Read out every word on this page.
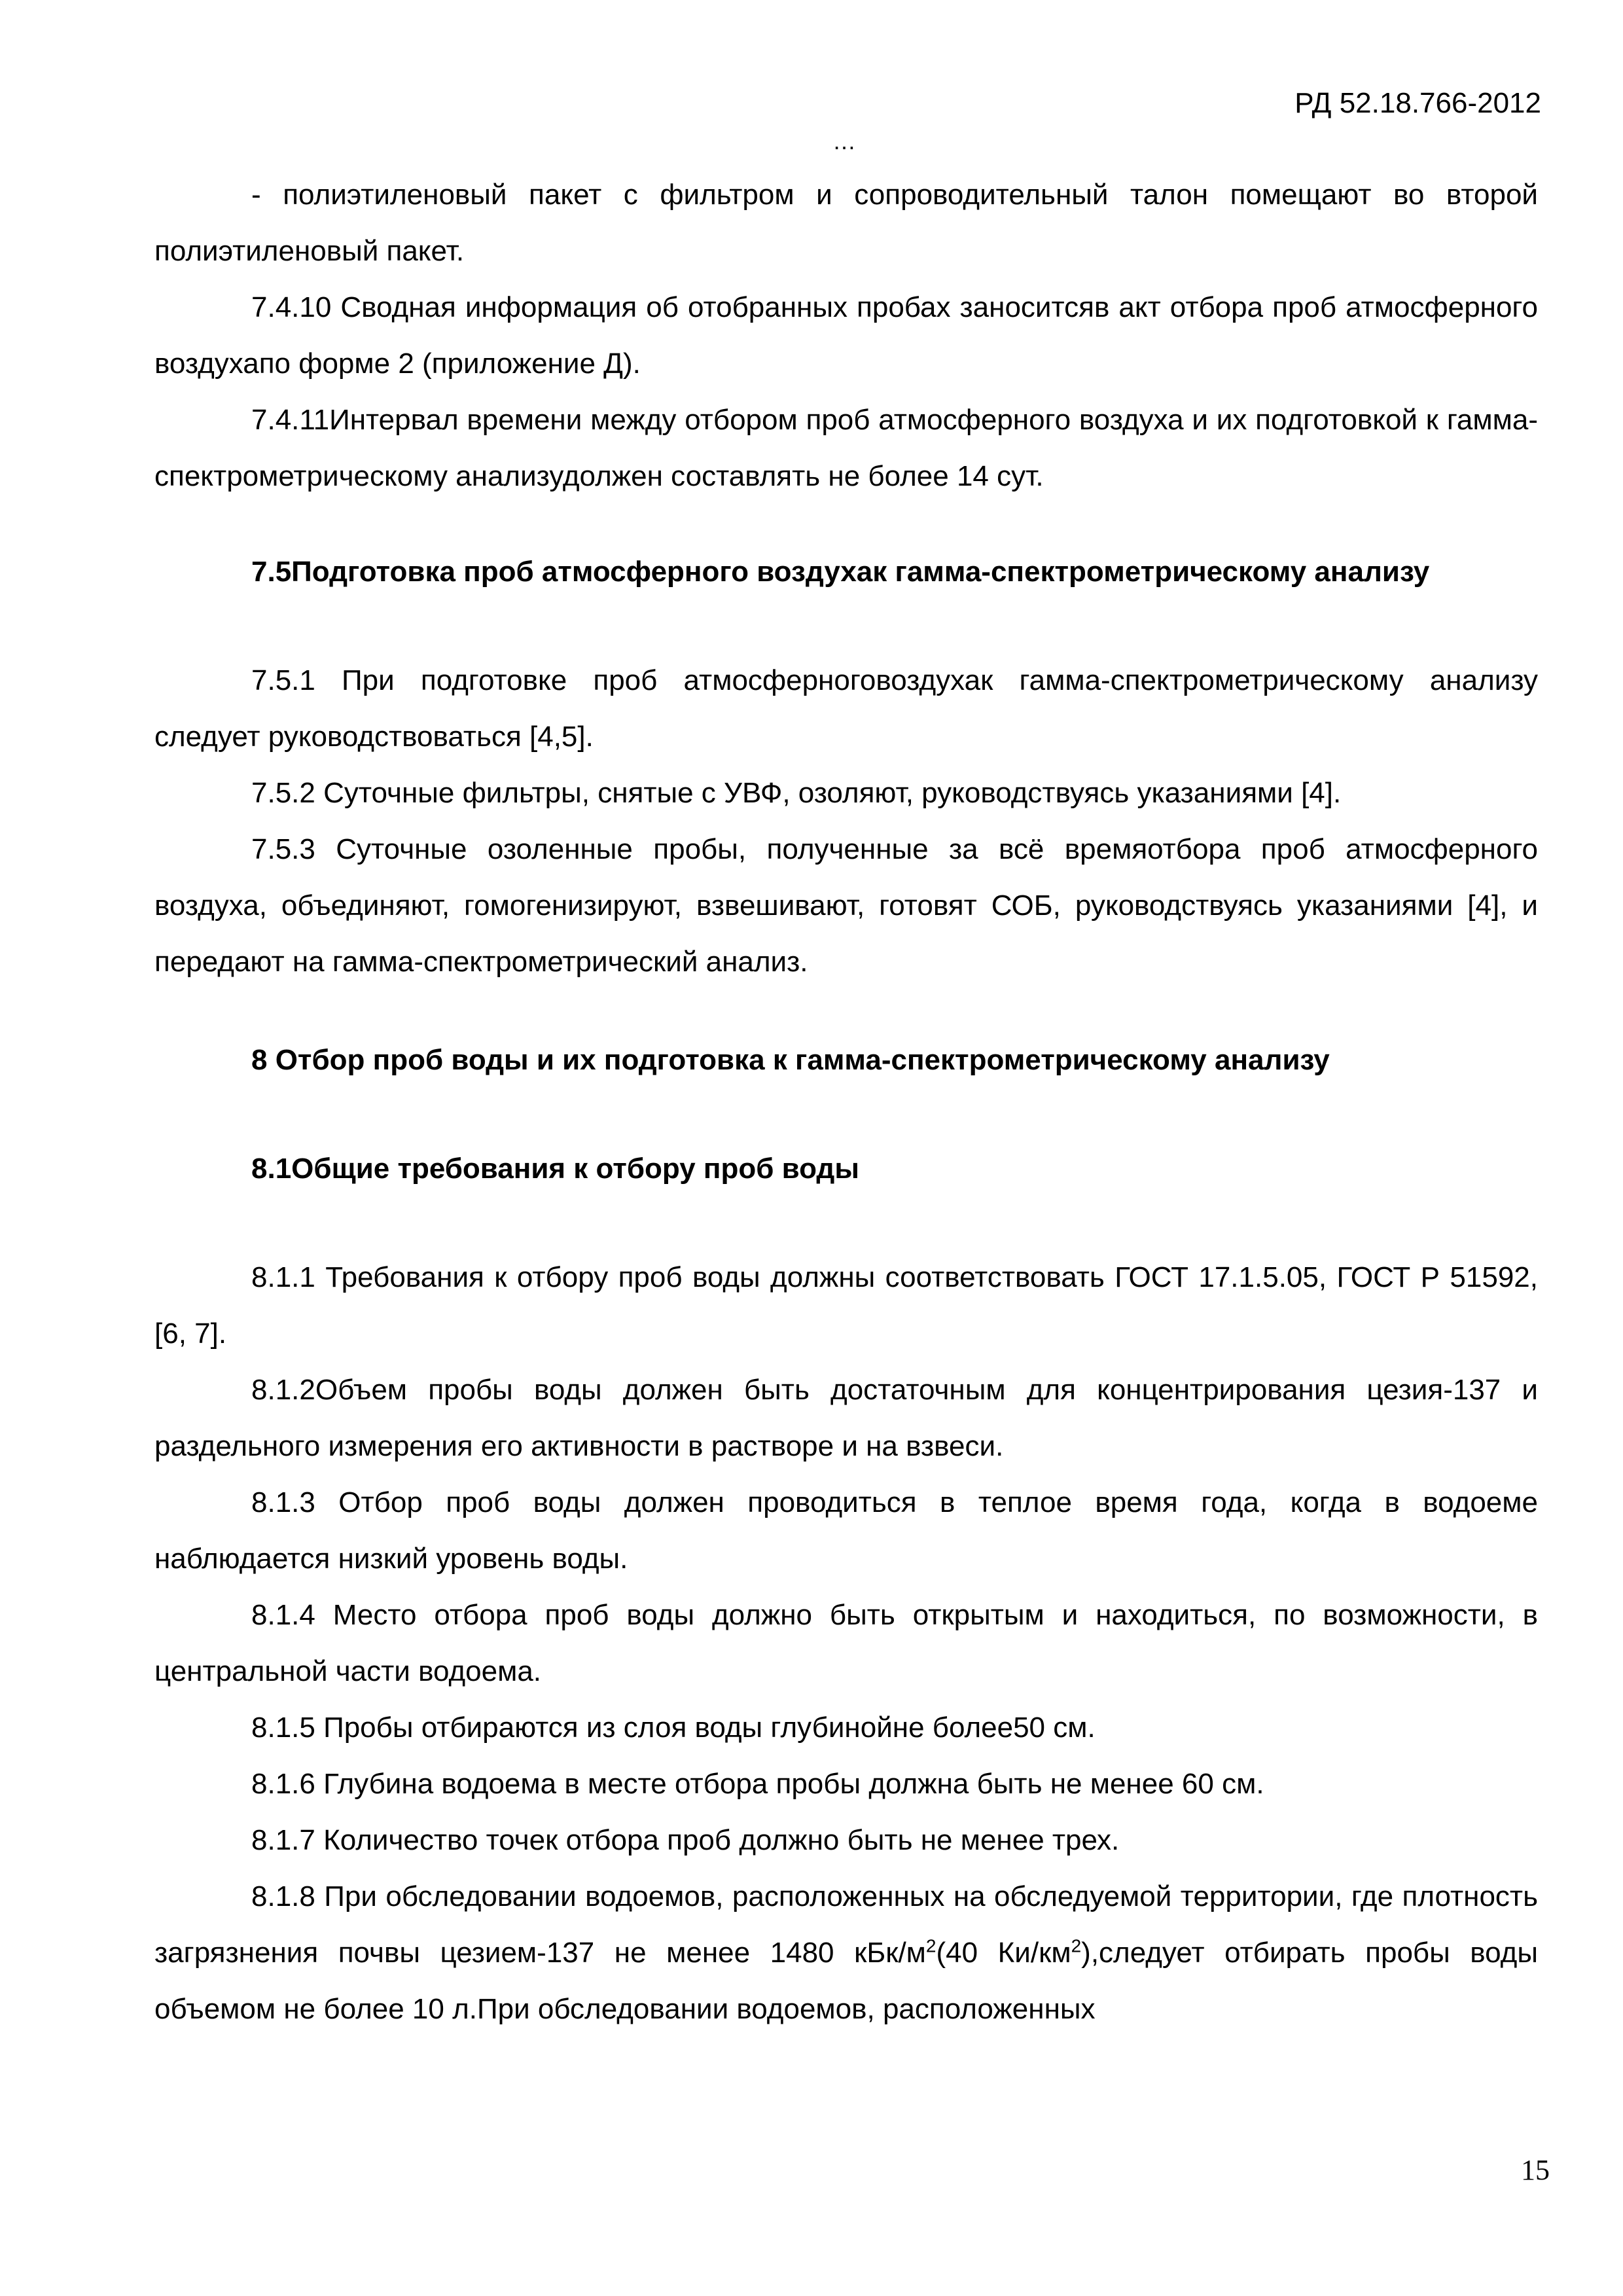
РД 52.18.766-2012
…

- полиэтиленовый пакет с фильтром и сопроводительный талон помещают во второй полиэтиленовый пакет.

7.4.10 Сводная информация об отобранных пробах заноситсяв акт отбора проб атмосферного воздухапо форме 2 (приложение Д).

7.4.11Интервал времени между отбором проб атмосферного воздуха и их подготовкой к гамма-спектрометрическому анализудолжен составлять не более 14 сут.

7.5Подготовка проб атмосферного воздухак гамма-спектрометрическому анализу

7.5.1 При подготовке проб атмосферноговоздухак гамма-спектрометрическому анализу следует руководствоваться [4,5].

7.5.2 Суточные фильтры, снятые с УВФ, озоляют, руководствуясь указаниями [4].

7.5.3 Суточные озоленные пробы, полученные за всё времяотбора проб атмосферного воздуха, объединяют, гомогенизируют, взвешивают, готовят СОБ, руководствуясь указаниями [4], и передают на гамма-спектрометрический анализ.

8 Отбор проб воды и их подготовка к гамма-спектрометрическому анализу

8.1Общие требования к отбору проб воды

8.1.1 Требования к отбору проб воды должны соответствовать ГОСТ 17.1.5.05, ГОСТ Р 51592, [6, 7].

8.1.2Объем пробы воды должен быть достаточным для концентрирования цезия-137 и раздельного измерения его активности в растворе и на взвеси.

8.1.3 Отбор проб воды должен проводиться в теплое время года, когда в водоеме наблюдается низкий уровень воды.

8.1.4 Место отбора проб воды должно быть открытым и находиться, по возможности, в центральной части водоема.

8.1.5 Пробы отбираются из слоя воды глубинойне более50 см.

8.1.6 Глубина водоема в месте отбора пробы должна быть не менее 60 см.

8.1.7 Количество точек отбора проб должно быть не менее трех.

8.1.8 При обследовании водоемов, расположенных на обследуемой территории, где плотность загрязнения почвы цезием-137 не менее 1480 кБк/$м^2(40$ $Ки/км^2),следует$ отбирать пробы воды объемом не более 10 л.При обследовании водоемов, расположенных

15
